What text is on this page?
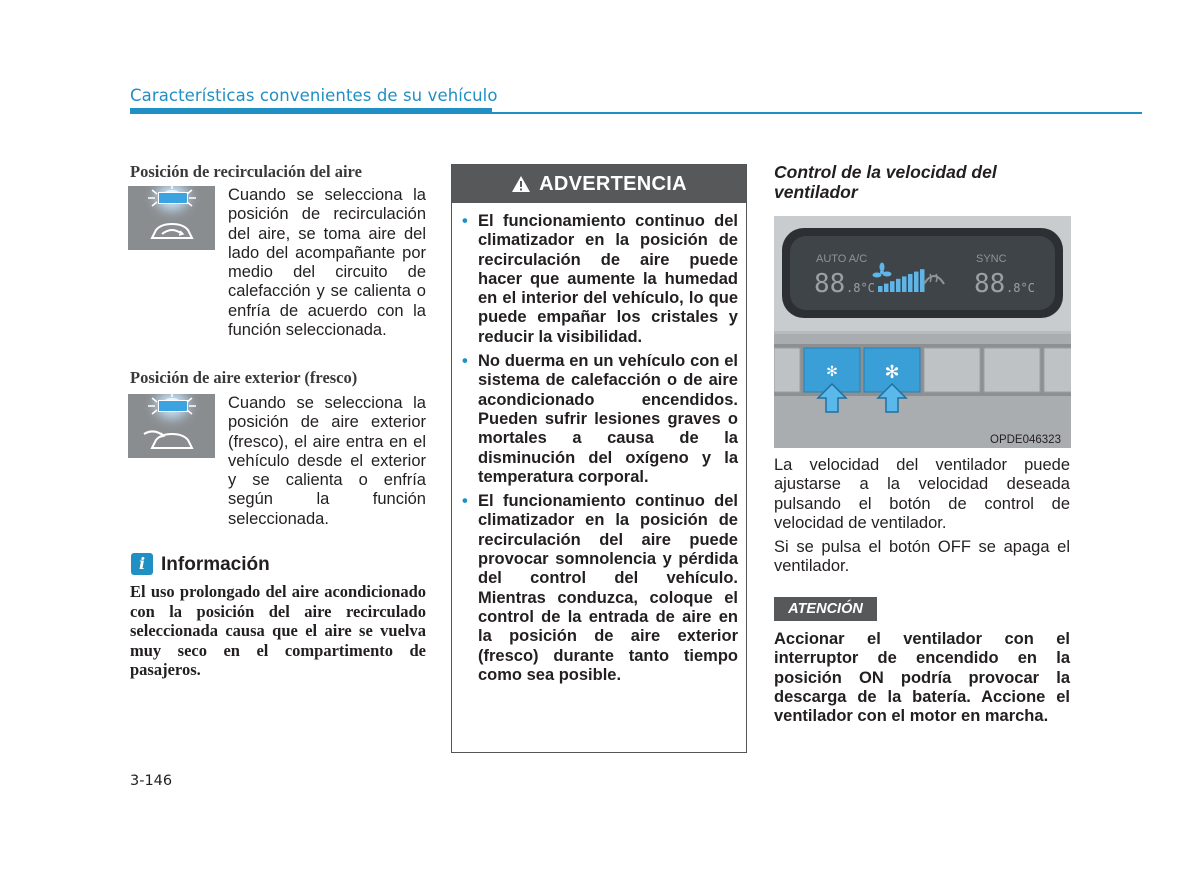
Características convenientes de su vehículo
Posición de recirculación del aire
Cuando se selecciona la posición de recirculación del aire, se toma aire del lado del acompañante por medio del circuito de calefacción y se calienta o enfría de acuerdo con la función seleccionada.
Posición de aire exterior (fresco)
Cuando se selecciona la posición de aire exterior (fresco), el aire entra en el vehículo desde el exterior y se calienta o enfría según la función seleccionada.
i Información
El uso prolongado del aire acondicionado con la posición del aire recirculado seleccionada causa que el aire se vuelva muy seco en el compartimento de pasajeros.
ADVERTENCIA
• El funcionamiento continuo del climatizador en la posición de recirculación de aire puede hacer que aumente la humedad en el interior del vehículo, lo que puede empañar los cristales y reducir la visibilidad.
• No duerma en un vehículo con el sistema de calefacción o de aire acondicionado encendidos. Pueden sufrir lesiones graves o mortales a causa de la disminución del oxígeno y la temperatura corporal.
• El funcionamiento continuo del climatizador en la posición de recirculación del aire puede provocar somnolencia y pérdida del control del vehículo. Mientras conduzca, coloque el control de la entrada de aire en la posición de aire exterior (fresco) durante tanto tiempo como sea posible.
Control de la velocidad del ventilador
AUTO A/C	SYNC
88 .8°C	88 .8°C
✻	✻
OPDE046323
La velocidad del ventilador puede ajustarse a la velocidad deseada pulsando el botón de control de velocidad de ventilador.
Si se pulsa el botón OFF se apaga el ventilador.
ATENCIÓN
Accionar el ventilador con el interruptor de encendido en la posición ON podría provocar la descarga de la batería. Accione el ventilador con el motor en marcha.
3-146
